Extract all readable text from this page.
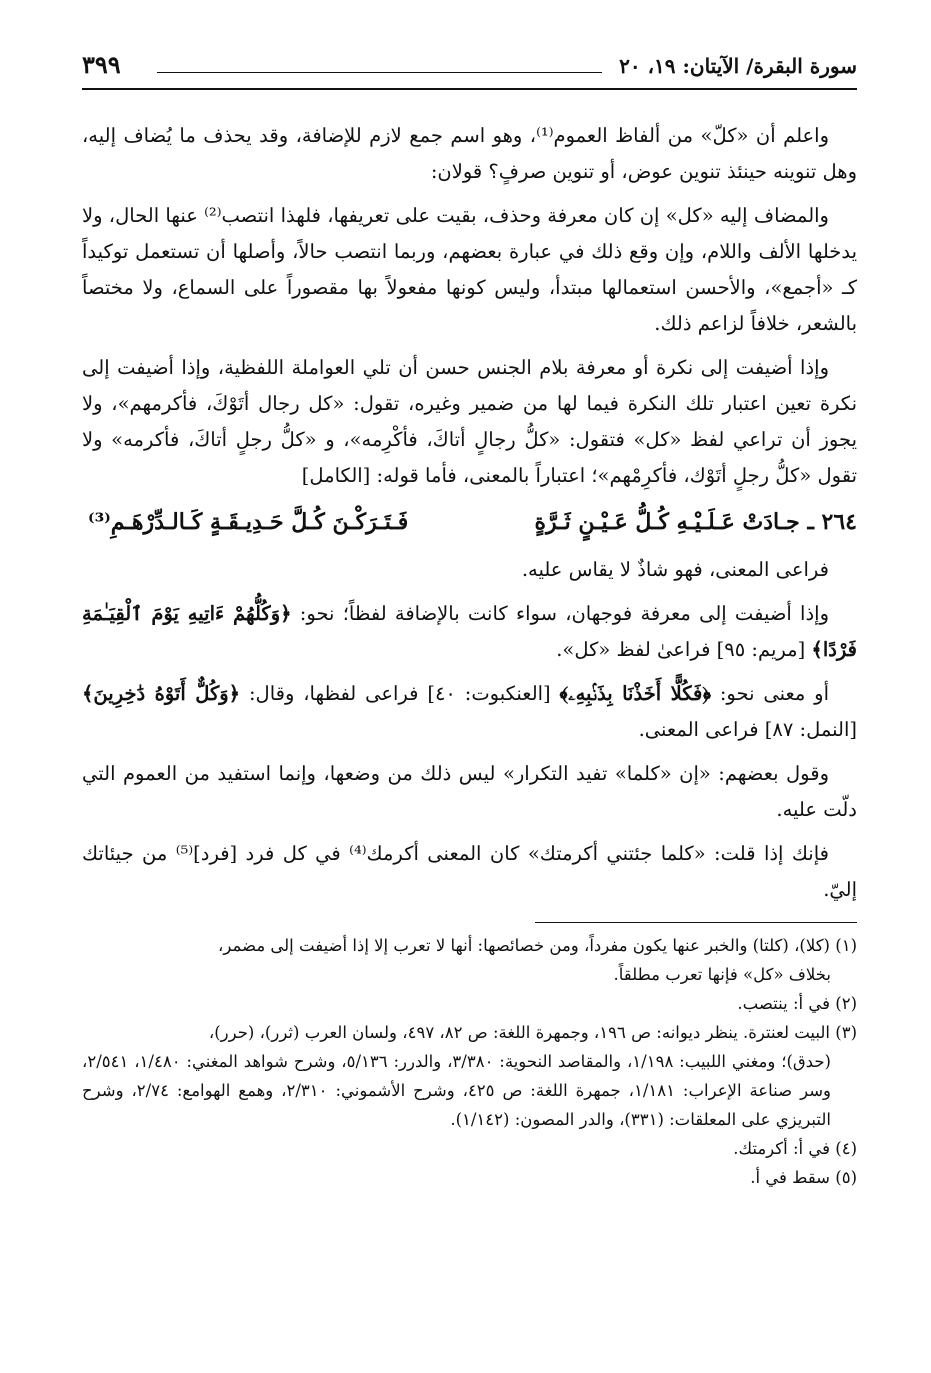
سورة البقرة/ الآيتان: ١٩، ٢٠
٣٩٩

واعلم أن «كلّ» من ألفاظ العموم⁽¹⁾، وهو اسم جمع لازم للإضافة، وقد يحذف ما يُضاف إليه، وهل تنوينه حينئذ تنوين عوض، أو تنوين صرفٍ؟ قولان:

والمضاف إليه «كل» إن كان معرفة وحذف، بقيت على تعريفها، فلهذا انتصب⁽²⁾ عنها الحال، ولا يدخلها الألف واللام، وإن وقع ذلك في عبارة بعضهم، وربما انتصب حالاً، وأصلها أن تستعمل توكيداً كـ «أجمع»، والأحسن استعمالها مبتدأ، وليس كونها مفعولاً بها مقصوراً على السماع، ولا مختصاً بالشعر، خلافاً لزاعم ذلك.

وإذا أضيفت إلى نكرة أو معرفة بلام الجنس حسن أن تلي العواملة اللفظية، وإذا أضيفت إلى نكرة تعين اعتبار تلك النكرة فيما لها من ضمير وغيره، تقول: «كل رجال أتَوْكَ، فأكرمهم»، ولا يجوز أن تراعي لفظ «كل» فتقول: «كلُّ رجالٍ أتاكَ، فأكْرِمه»، و «كلُّ رجلٍ أتاكَ، فأكرمه» ولا تقول «كلُّ رجلٍ أتَوْك، فأكرِمْهم»؛ اعتباراً بالمعنى، فأما قوله: [الكامل]

٢٦٤ ـ جـادَتْ عَـلَـيْـهِ كُـلُّ عَـيْـنٍ ثَـرَّةٍ
فَـتَـرَكْـنَ كُـلَّ حَـدِيـقَـةٍ كَـالـدِّرْهَـمِ⁽³⁾

فراعى المعنى، فهو شاذٌ لا يقاس عليه.

وإذا أضيفت إلى معرفة فوجهان، سواء كانت بالإضافة لفظاً؛ نحو: ﴿وَكُلُّهُمْ ءَاتِيهِ يَوْمَ ٱلْقِيَـٰمَةِ فَرْدًا﴾ [مريم: ٩٥] فراعىٰ لفظ «كل».

أو معنى نحو: ﴿فَكُلًّا أَخَذْنَا بِذَنۢبِهِۦ﴾ [العنكبوت: ٤٠] فراعى لفظها، وقال: ﴿وَكُلٌّ أَتَوْهُ دَٰخِرِينَ﴾ [النمل: ٨٧] فراعى المعنى.

وقول بعضهم: «إن «كلما» تفيد التكرار» ليس ذلك من وضعها، وإنما استفيد من العموم التي دلّت عليه.

فإنك إذا قلت: «كلما جئتني أكرمتك» كان المعنى أكرمك⁽⁴⁾ في كل فرد [فرد]⁽⁵⁾ من جيئاتك إليّ.

(١) (كلا)، (كلتا) والخبر عنها يكون مفرداً، ومن خصائصها: أنها لا تعرب إلا إذا أضيفت إلى مضمر،

بخلاف «كل» فإنها تعرب مطلقاً.

(٢) في أ: ينتصب.

(٣) البيت لعنترة. ينظر ديوانه: ص ١٩٦، وجمهرة اللغة: ص ٨٢، ٤٩٧، ولسان العرب (ثرر)، (حرر)،

(حدق)؛ ومغني اللبيب: ١/١٩٨، والمقاصد النحوية: ٣/٣٨٠، والدرر: ٥/١٣٦، وشرح شواهد المغني: ١/٤٨٠، ٢/٥٤١، وسر صناعة الإعراب: ١/١٨١، جمهرة اللغة: ص ٤٢٥، وشرح الأشموني: ٢/٣١٠، وهمع الهوامع: ٢/٧٤، وشرح التبريزي على المعلقات: (٣٣١)، والدر المصون: (١/١٤٢).

(٤) في أ: أكرمتك.

(٥) سقط في أ.
